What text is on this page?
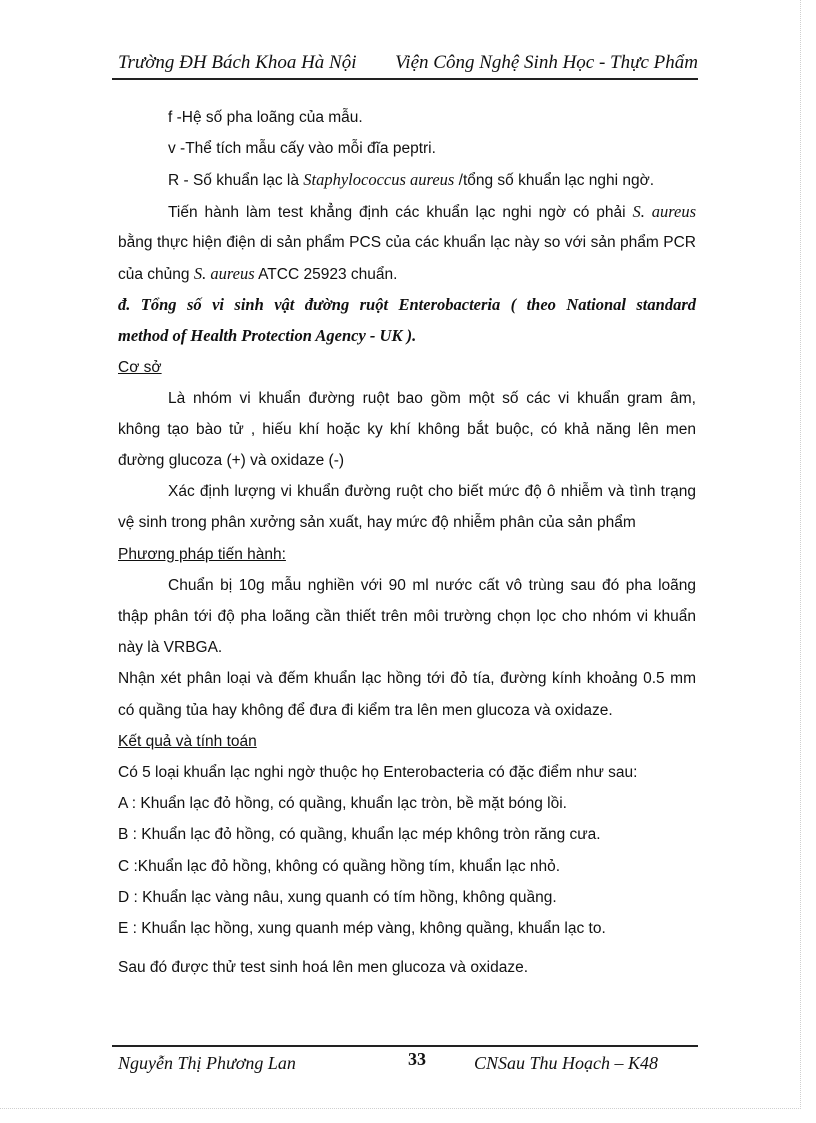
Trường ĐH Bách Khoa Hà Nội Viện Công Nghệ Sinh Học - Thực Phẩm
f -Hệ số pha loãng của mẫu.
v -Thể tích mẫu cấy vào mỗi đĩa peptri.
R - Số khuẩn lạc là Staphylococcus aureus /tổng số khuẩn lạc nghi ngờ.
Tiến hành làm test khẳng định các khuẩn lạc nghi ngờ có phải S. aureus
bằng thực hiện điện di sản phẩm PCS của các khuẩn lạc này so với sản phẩm PCR
của chủng S. aureus ATCC 25923 chuẩn.
đ. Tổng số vi sinh vật đường ruột Enterobacteria ( theo National standard
method of Health Protection Agency - UK ).
Cơ sở
Là nhóm vi khuẩn đường ruột bao gồm một số các vi khuẩn gram âm,
không tạo bào tử , hiếu khí hoặc ky khí không bắt buộc, có khả năng lên men
đường glucoza (+) và oxidaze (-)
Xác định lượng vi khuẩn đường ruột cho biết mức độ ô nhiễm và tình trạng
vệ sinh trong phân xưởng sản xuất, hay mức độ nhiễm phân của sản phẩm
Phương pháp tiến hành:
Chuẩn bị 10g mẫu nghiền với 90 ml nước cất vô trùng sau đó pha loãng
thập phân tới độ pha loãng cần thiết trên môi trường chọn lọc cho nhóm vi khuẩn
này là VRBGA.
Nhận xét phân loại và đếm khuẩn lạc hồng tới đỏ tía, đường kính khoảng 0.5 mm
có quầng tủa hay không để đưa đi kiểm tra lên men glucoza và oxidaze.
Kết quả và tính toán
Có 5 loại khuẩn lạc nghi ngờ thuộc họ Enterobacteria có đặc điểm như sau:
A : Khuẩn lạc đỏ hồng, có quầng, khuẩn lạc tròn, bề mặt bóng lồi.
B : Khuẩn lạc đỏ hồng, có quầng, khuẩn lạc mép không tròn răng cưa.
C :Khuẩn lạc đỏ hồng, không có quầng hồng tím, khuẩn lạc nhỏ.
D : Khuẩn lạc vàng nâu, xung quanh có tím hồng, không quầng.
E : Khuẩn lạc hồng, xung quanh mép vàng, không quầng, khuẩn lạc to.
Sau đó được thử test sinh hoá lên men glucoza và oxidaze.
Nguyễn Thị Phương Lan	33	CNSau Thu Hoạch – K48
